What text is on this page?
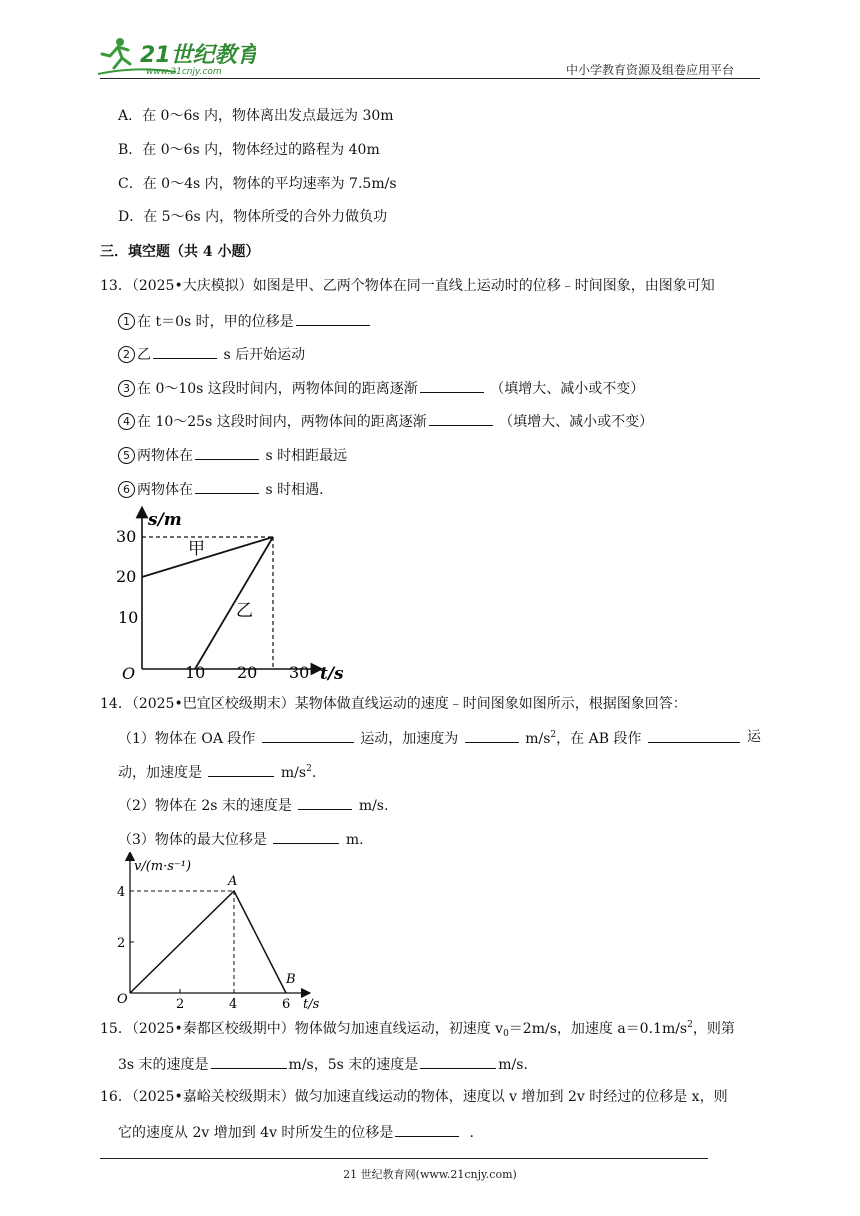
21世纪教育
www.21cnjy.com	中小学教育资源及组卷应用平台
A．在 0～6s 内，物体离出发点最远为 30m
B．在 0～6s 内，物体经过的路程为 40m
C．在 0～4s 内，物体的平均速率为 7.5m/s
D．在 5～6s 内，物体所受的合外力做负功
三．填空题（共 4 小题）
13．（2025•大庆模拟）如图是甲、乙两个物体在同一直线上运动时的位移﹣时间图象，由图象可知
1 在 t＝0s 时，甲的位移是
2 乙	s 后开始运动
3 在 0～10s 这段时间内，两物体间的距离逐渐	（填增大、减小或不变）
4 在 10～25s 这段时间内，两物体间的距离逐渐	（填增大、减小或不变）
5 两物体在	s 时相距最远
6 两物体在	s 时相遇.
30
20
10
O	10 20 30
s/m
t/s
甲
乙
14．（2025•巴宜区校级期末）某物体做直线运动的速度﹣时间图象如图所示，根据图象回答：
（1）物体在 OA 段作	运动，加速度为	$m/s^2$，在 AB 段作	运
动，加速度是	$m/s^2$.
（2）物体在 2s 末的速度是	m/s.
（3）物体的最大位移是	m.
v/(m·s⁻¹)
4
2
O	2	4	6 t/s
A
B
15．（2025•秦都区校级期中）物体做匀加速直线运动，初速度 $v_0=2m/s$，加速度 $a=0.1m/s^2$，则第
3s 末的速度是	m/s，5s 末的速度是	m/s.
16．（2025•嘉峪关校级期末）做匀加速直线运动的物体，速度以 v 增加到 2v 时经过的位移是 x，则
它的速度从 2v 增加到 4v 时所发生的位移是	.
21 世纪教育网(www.21cnjy.com)
